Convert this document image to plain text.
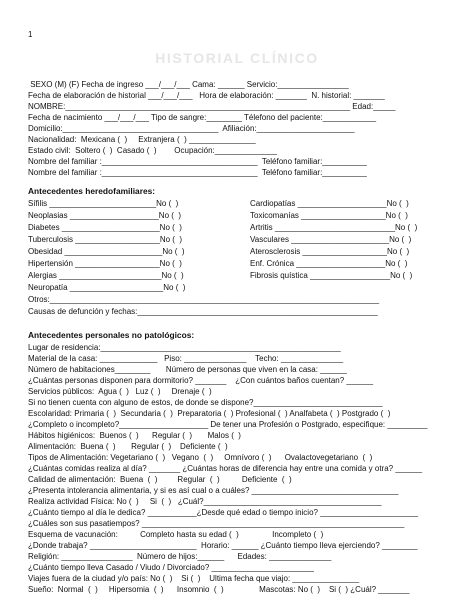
1
HISTORIAL CLÍNICO
SEXO (M) (F) Fecha de ingreso ___/___/___ Cama: ______ Servicio:________________
Fecha de elaboración de historial ___/___/___   Hora de elaboración: _______  N. historial: _______
NOMBRE:________________________________________________________________ Edad:_____
Fecha de nacimiento ___/___/___ Tipo de sangre:________ Télefono del paciente:____________
Domicilio:___________________________________  Afiliación:______________________
Nacionalidad:  Mexicana (  )     Extranjera (  ) _______________
Estado civil:  Soltero (  )  Casado (  )        Ocupación:______________
Nombre del familiar :___________________________________  Teléfono familiar:__________
Nombre del familiar :___________________________________  Teléfono familiar:__________
Antecedentes heredofamiliares:
Sífilis ________________________No (  )
Neoplasias ____________________No (  )
Diabetes ______________________No (  )
Tuberculosis ___________________No (  )
Obesidad ______________________No (  )
Hipertensión ___________________No (  )
Alergias _______________________No (  )
Neuropatía _____________________No (  )
Cardiopatías ____________________No (  )
Toxicomanías ___________________No (  )
Artritis ___________________________No (  )
Vasculares ______________________No (  )
Aterosclerosis ___________________No (  )
Enf. Crónica ____________________No (  )
Fibrosis quística __________________No (  )
Otros:__________________________________________________________________________
Causas de defunción y fechas:______________________________________________________
Antecedentes personales no patológicos:
Lugar de residencia:______________________________________________________
Material de la casa: _____________   Piso: ______________    Techo: ______________
Número de habitaciones________       Número de personas que viven en la casa: ______
¿Cuántas personas disponen para dormitorio? _______    ¿Con cuántos baños cuentan? ______
Servicios públicos:  Agua (  )   Luz (  )     Drenaje (  )
Si no tienen cuenta con alguno de estos, de donde se dispone?_____________________________
Escolaridad: Primaria (  )  Secundaria (  )  Preparatoria (  ) Profesional (  ) Analfabeta (  ) Postgrado (  )
¿Completo o incompleto?____________________ De tener una Profesión o Postgrado, especifique: _________
Hábitos higiénicos:  Buenos (  )      Regular (  )       Malos (  )
Alimentación:  Buena (  )       Regular (  )    Deficiente (  )
Tipos de Alimentación: Vegetariano (  )   Vegano  (  )     Omnívoro (  )      Ovalactovegetariano  (  )
¿Cuántas comidas realiza al día? _______ ¿Cuántas horas de diferencia hay entre una comida y otra? ______
Calidad de alimentación:  Buena  (  )         Regular  (  )          Deficiente  (  )
¿Presenta intolerancia alimentaria, y si es así cual o a cuáles? _________________________________
Realiza actividad Física: No (  )     Si  (  )   ¿Cuál?________________________________________
¿Cuánto tiempo al día le dedica? ___________¿Desde qué edad o tiempo inicio? ______________________
¿Cuáles son sus pasatiempos? ___________________________________________________________
Esquema de vacunación:          Completo hasta su edad (  )               Incompleto (  )
¿Donde trabaja? ________________________  Horario: ______ ¿Cuánto tiempo lleva ejerciendo? ________
Religión: ________________  Número de hijos:______      Edades: ______________
¿Cuánto tiempo lleva Casado / Viudo / Divorciado? _______________________
Viajes fuera de la ciudad y/o país: No (  )    Si (  )    Ultima fecha que viajo: _______________
Sueño:  Normal  (  )     Hipersomia  (  )      Insomnio  (  )                Mascotas: No (  )    Si (  ) ¿Cuál? _______
